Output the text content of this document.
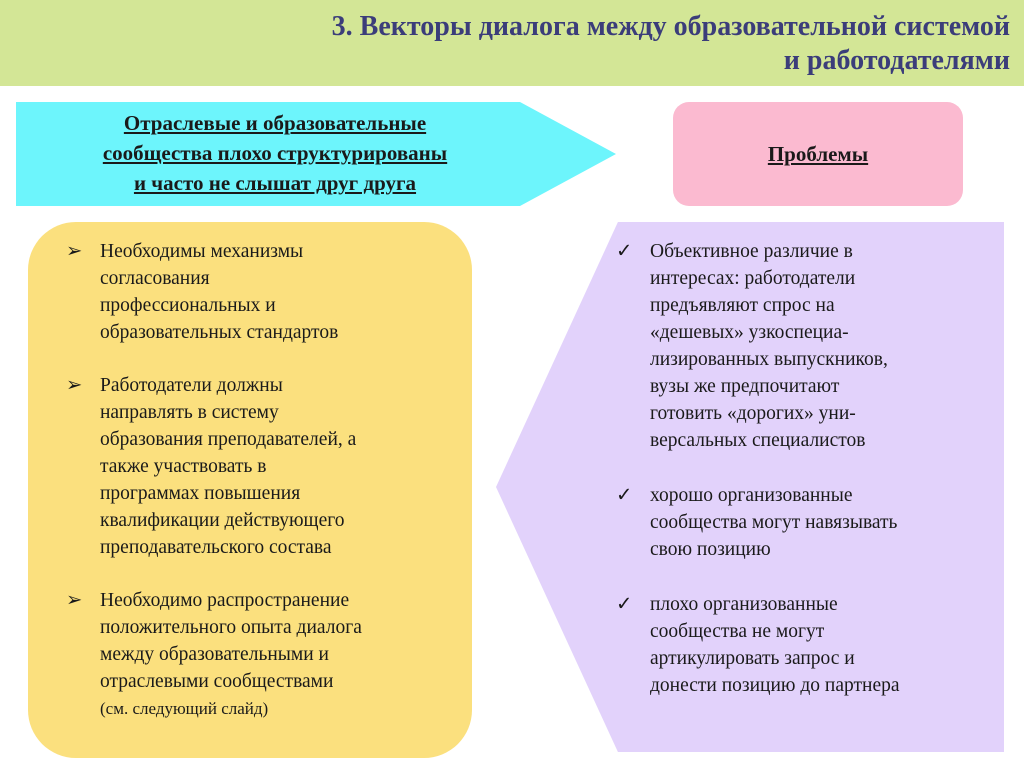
3. Векторы диалога между образовательной системой
и работодателями
Отраслевые и образовательные
сообщества плохо структурированы
и часто не слышат друг друга
Проблемы
➢ Необходимы механизмы
согласования
профессиональных и
образовательных стандартов
➢ Работодатели должны
направлять в систему
образования преподавателей, а
также участвовать в
программах повышения
квалификации действующего
преподавательского состава
➢ Необходимо распространение
положительного опыта диалога
между образовательными и
отраслевыми сообществами
(см. следующий слайд)
✓ Объективное различие в
интересах: работодатели
предъявляют спрос на
«дешевых» узкоспециа-
лизированных выпускников,
вузы же предпочитают
готовить «дорогих» уни-
версальных специалистов
✓ хорошо организованные
сообщества могут навязывать
свою позицию
✓ плохо организованные
сообщества не могут
артикулировать запрос и
донести позицию до партнера
